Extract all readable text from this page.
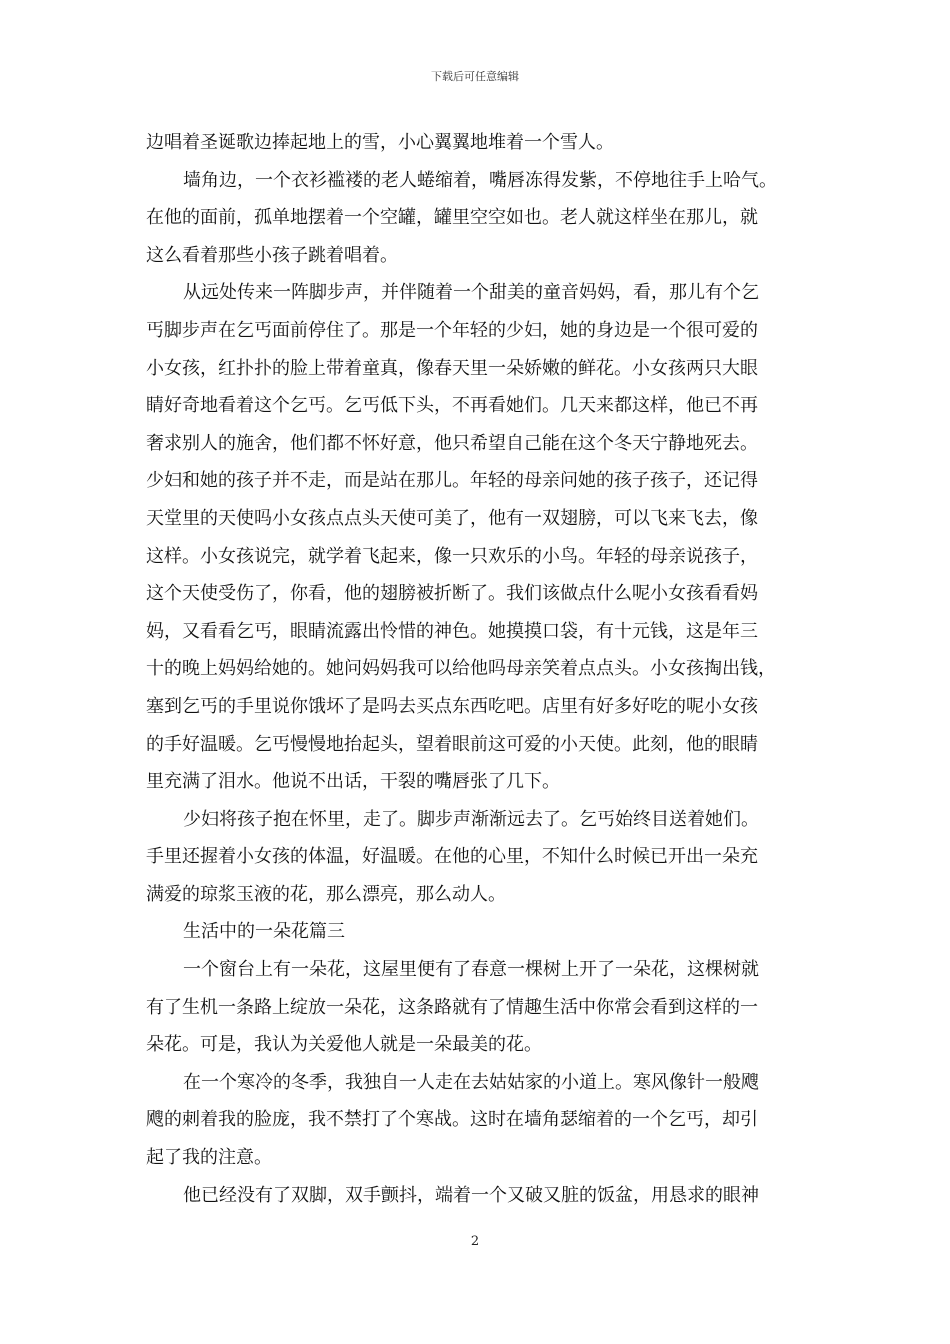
下载后可任意编辑
边唱着圣诞歌边捧起地上的雪，小心翼翼地堆着一个雪人。
墙角边，一个衣衫褴褛的老人蜷缩着，嘴唇冻得发紫，不停地往手上哈气。
在他的面前，孤单地摆着一个空罐，罐里空空如也。老人就这样坐在那儿，就
这么看着那些小孩子跳着唱着。
从远处传来一阵脚步声，并伴随着一个甜美的童音妈妈，看，那儿有个乞
丐脚步声在乞丐面前停住了。那是一个年轻的少妇，她的身边是一个很可爱的
小女孩，红扑扑的脸上带着童真，像春天里一朵娇嫩的鲜花。小女孩两只大眼
睛好奇地看着这个乞丐。乞丐低下头，不再看她们。几天来都这样，他已不再
奢求别人的施舍，他们都不怀好意，他只希望自己能在这个冬天宁静地死去。
少妇和她的孩子并不走，而是站在那儿。年轻的母亲问她的孩子孩子，还记得
天堂里的天使吗小女孩点点头天使可美了，他有一双翅膀，可以飞来飞去，像
这样。小女孩说完，就学着飞起来，像一只欢乐的小鸟。年轻的母亲说孩子，
这个天使受伤了，你看，他的翅膀被折断了。我们该做点什么呢小女孩看看妈
妈，又看看乞丐，眼睛流露出怜惜的神色。她摸摸口袋，有十元钱，这是年三
十的晚上妈妈给她的。她问妈妈我可以给他吗母亲笑着点点头。小女孩掏出钱，
塞到乞丐的手里说你饿坏了是吗去买点东西吃吧。店里有好多好吃的呢小女孩
的手好温暖。乞丐慢慢地抬起头，望着眼前这可爱的小天使。此刻，他的眼睛
里充满了泪水。他说不出话，干裂的嘴唇张了几下。
少妇将孩子抱在怀里，走了。脚步声渐渐远去了。乞丐始终目送着她们。
手里还握着小女孩的体温，好温暖。在他的心里，不知什么时候已开出一朵充
满爱的琼浆玉液的花，那么漂亮，那么动人。
生活中的一朵花篇三
一个窗台上有一朵花，这屋里便有了春意一棵树上开了一朵花，这棵树就
有了生机一条路上绽放一朵花，这条路就有了情趣生活中你常会看到这样的一
朵花。可是，我认为关爱他人就是一朵最美的花。
在一个寒冷的冬季，我独自一人走在去姑姑家的小道上。寒风像针一般飕
飕的刺着我的脸庞，我不禁打了个寒战。这时在墙角瑟缩着的一个乞丐，却引
起了我的注意。
他已经没有了双脚，双手颤抖，端着一个又破又脏的饭盆，用恳求的眼神
2
